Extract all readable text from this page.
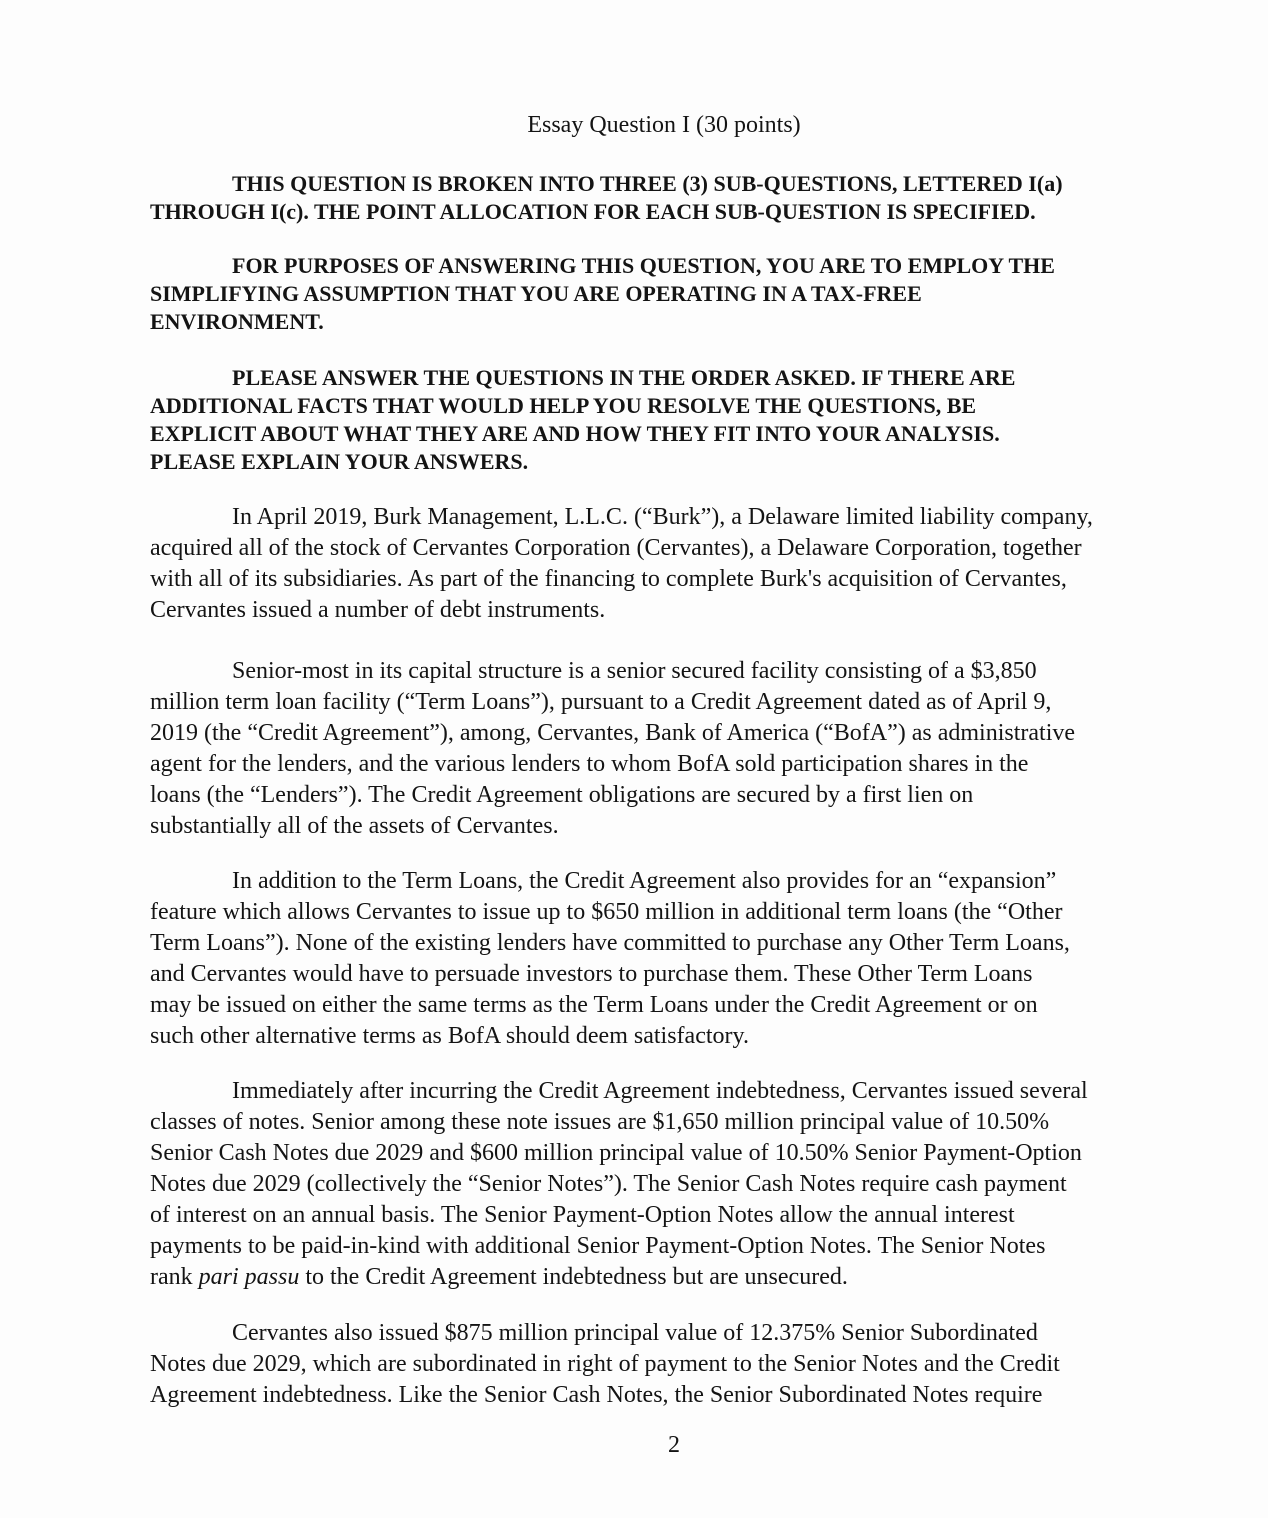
Essay Question I (30 points)
THIS QUESTION IS BROKEN INTO THREE (3) SUB-QUESTIONS, LETTERED I(a)
THROUGH I(c). THE POINT ALLOCATION FOR EACH SUB-QUESTION IS SPECIFIED.
FOR PURPOSES OF ANSWERING THIS QUESTION, YOU ARE TO EMPLOY THE
SIMPLIFYING ASSUMPTION THAT YOU ARE OPERATING IN A TAX-FREE
ENVIRONMENT.
PLEASE ANSWER THE QUESTIONS IN THE ORDER ASKED. IF THERE ARE
ADDITIONAL FACTS THAT WOULD HELP YOU RESOLVE THE QUESTIONS, BE
EXPLICIT ABOUT WHAT THEY ARE AND HOW THEY FIT INTO YOUR ANALYSIS.
PLEASE EXPLAIN YOUR ANSWERS.
In April 2019, Burk Management, L.L.C. (“Burk”), a Delaware limited liability company,
acquired all of the stock of Cervantes Corporation (Cervantes), a Delaware Corporation, together
with all of its subsidiaries. As part of the financing to complete Burk's acquisition of Cervantes,
Cervantes issued a number of debt instruments.
Senior-most in its capital structure is a senior secured facility consisting of a $3,850
million term loan facility (“Term Loans”), pursuant to a Credit Agreement dated as of April 9,
2019 (the “Credit Agreement”), among, Cervantes, Bank of America (“BofA”) as administrative
agent for the lenders, and the various lenders to whom BofA sold participation shares in the
loans (the “Lenders”). The Credit Agreement obligations are secured by a first lien on
substantially all of the assets of Cervantes.
In addition to the Term Loans, the Credit Agreement also provides for an “expansion”
feature which allows Cervantes to issue up to $650 million in additional term loans (the “Other
Term Loans”). None of the existing lenders have committed to purchase any Other Term Loans,
and Cervantes would have to persuade investors to purchase them. These Other Term Loans
may be issued on either the same terms as the Term Loans under the Credit Agreement or on
such other alternative terms as BofA should deem satisfactory.
Immediately after incurring the Credit Agreement indebtedness, Cervantes issued several
classes of notes. Senior among these note issues are $1,650 million principal value of 10.50%
Senior Cash Notes due 2029 and $600 million principal value of 10.50% Senior Payment-Option
Notes due 2029 (collectively the “Senior Notes”). The Senior Cash Notes require cash payment
of interest on an annual basis. The Senior Payment-Option Notes allow the annual interest
payments to be paid-in-kind with additional Senior Payment-Option Notes. The Senior Notes
rank pari passu to the Credit Agreement indebtedness but are unsecured.
Cervantes also issued $875 million principal value of 12.375% Senior Subordinated
Notes due 2029, which are subordinated in right of payment to the Senior Notes and the Credit
Agreement indebtedness. Like the Senior Cash Notes, the Senior Subordinated Notes require
2
